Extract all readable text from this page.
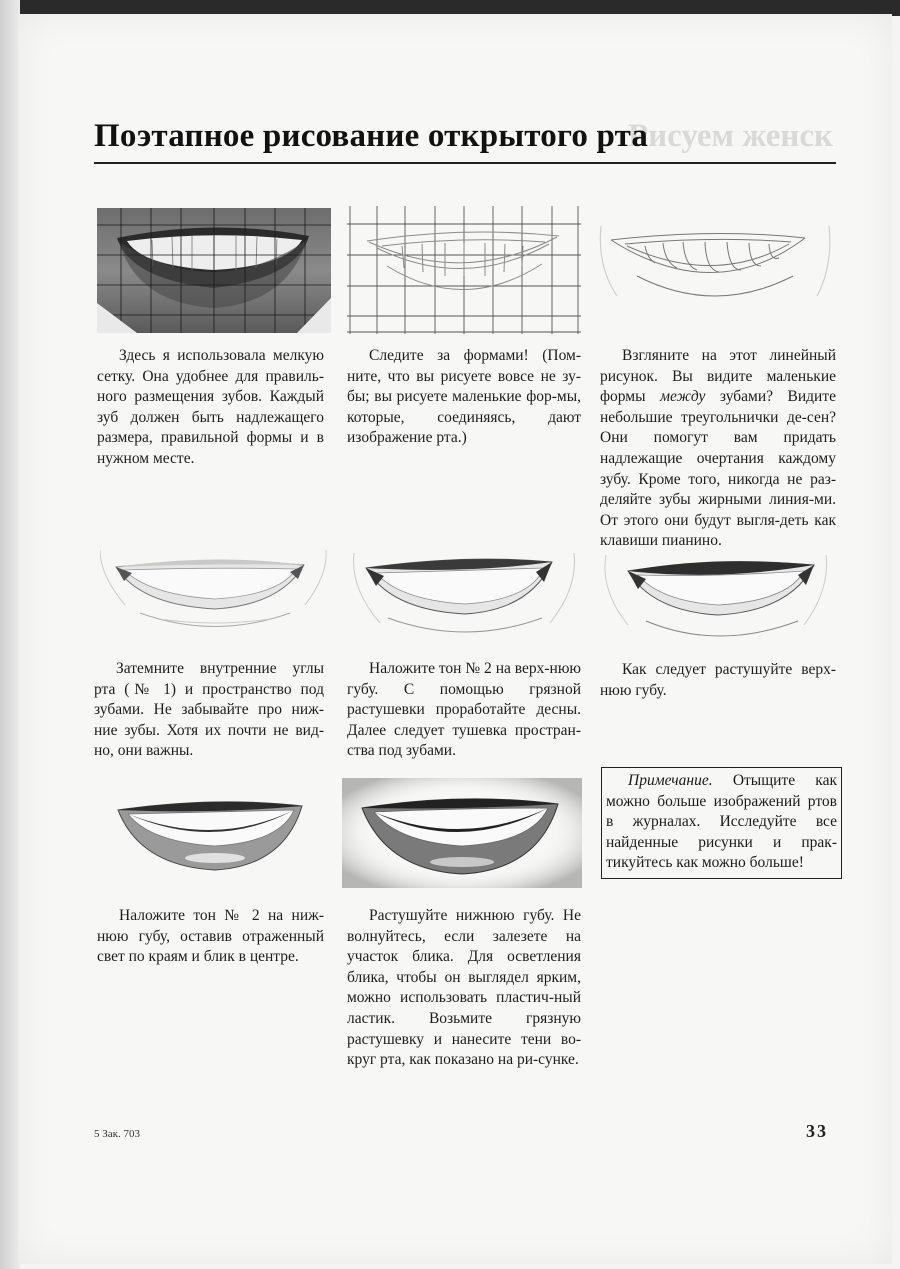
Рисуем женск
Поэтапное рисование открытого рта

Здесь я использовала мелкую сетку. Она удобнее для правиль-ного размещения зубов. Каждый зуб должен быть надлежащего размера, правильной формы и в нужном месте.

Следите за формами! (Пом-ните, что вы рисуете вовсе не зу-бы; вы рисуете маленькие фор-мы, которые, соединяясь, дают изображение рта.)

Взгляните на этот линейный рисунок. Вы видите маленькие формы между зубами? Видите небольшие треугольнички де-сен? Они помогут вам придать надлежащие очертания каждому зубу. Кроме того, никогда не раз-деляйте зубы жирными линия-ми. От этого они будут выгля-деть как клавиши пианино.

Затемните внутренние углы рта (№ 1) и пространство под зубами. Не забывайте про ниж-ние зубы. Хотя их почти не вид-но, они важны.

Наложите тон № 2 на верх-нюю губу. С помощью грязной растушевки проработайте десны. Далее следует тушевка простран-ства под зубами.

Как следует растушуйте верх-нюю губу.

Примечание. Отыщите как можно больше изображений ртов в журналах. Исследуйте все найденные рисунки и прак-тикуйтесь как можно больше!

Наложите тон № 2 на ниж-нюю губу, оставив отраженный свет по краям и блик в центре.

Растушуйте нижнюю губу. Не волнуйтесь, если залезете на участок блика. Для осветления блика, чтобы он выглядел ярким, можно использовать пластич-ный ластик. Возьмите грязную растушевку и нанесите тени во-круг рта, как показано на ри-сунке.

5 Зак. 703	33
